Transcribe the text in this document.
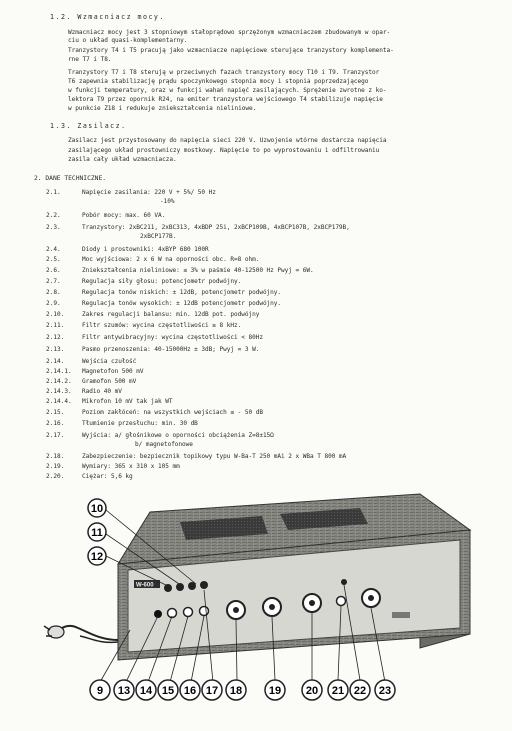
1.2. Wzmacniacz mocy.
Wzmacniacz mocy jest 3 stopniowym stałoprądowo sprzężonym wzmacniaczem zbudowanym w opar-
ciu o układ quasi-komplementarny.
Tranzystory T4 i T5 pracują jako wzmacniacze napięciowe sterujące tranzystory komplementa-
rne T7 i T8.
Tranzystory T7 i T8 sterują w przeciwnych fazach tranzystory mocy T10 i T9. Tranzystor
T6 zapewnia stabilizację prądu spoczynkowego stopnia mocy i stopnia poprzedzającego
w funkcji temperatury, oraz w funkcji wahań napięć zasilających. Sprężenie zwrotne z ko-
lektora T9 przez opornik R24, na emiter tranzystora wejściowego T4 stabilizuje napięcie
w punkcie Z18 i redukuje zniekształcenia nieliniowe.
1.3. Zasilacz.
Zasilacz jest przystosowany do napięcia sieci 220 V. Uzwojenie wtórne dostarcza napięcia
zasilającego układ prostowniczy mostkowy. Napięcie to po wyprostowaniu i odfiltrowaniu
zasila cały układ wzmacniacza.
2. DANE TECHNICZNE.
2.1.	Napięcie zasilania: 220 V + 5%/ 50 Hz
-10%
2.2.	Pobór mocy: max. 60 VA.
2.3.	Tranzystory: 2xBC211, 2xBC313, 4xBDP 25i, 2xBCP109B, 4xBCP107B, 2xBCP179B,
2xBCP177B.
2.4.	Diody i prostowniki: 4xBYP 680 100R
2.5.	Moc wyjściowa: 2 x 6 W na oporności obc. R=8 ohm.
2.6.	Zniekształcenia nieliniowe: ≤ 3% w paśmie 40-12500 Hz Pwyj = 6W.
2.7.	Regulacja siły głosu: potencjometr podwójny.
2.8.	Regulacja tonów niskich: ± 12dB, potencjometr podwójny.
2.9.	Regulacja tonów wysokich: ± 12dB potencjometr podwójny.
2.10.	Zakres regulacji balansu: min. 12dB pot. podwójny
2.11.	Filtr szumów: wycina częstotliwości ≥ 8 kHz.
2.12.	Filtr antywibracyjny: wycina częstotliwości < 80Hz
2.13.	Pasmo przenoszenia: 40-15000Hz ± 3dB; Pwyj = 3 W.
2.14.	Wejścia czułość
2.14.1. Magnetofon 500 mV
2.14.2. Gramofon 500 mV
2.14.3. Radio 40 mV
2.14.4. Mikrofon 10 mV tak jak WT
2.15.	Poziom zakłóceń: na wszystkich wejściach ≤ - 50 dB
2.16.	Tłumienie przesłuchu: min. 30 dB
2.17.	Wyjścia: a/ głośnikowe o oporności obciążenia Z=8±15Ω
b/ magnetofonowe
2.18.	Zabezpieczenie: bezpiecznik topikowy typu W-Ba-T 250 mAi 2 x WBa T 800 mA
2.19.	Wymiary: 365 x 310 x 105 mm
2.20.	Ciężar: 5,6 kg
W-600
10
11
12
9 13 14 15 16 17 18 19 20 21 22 23
